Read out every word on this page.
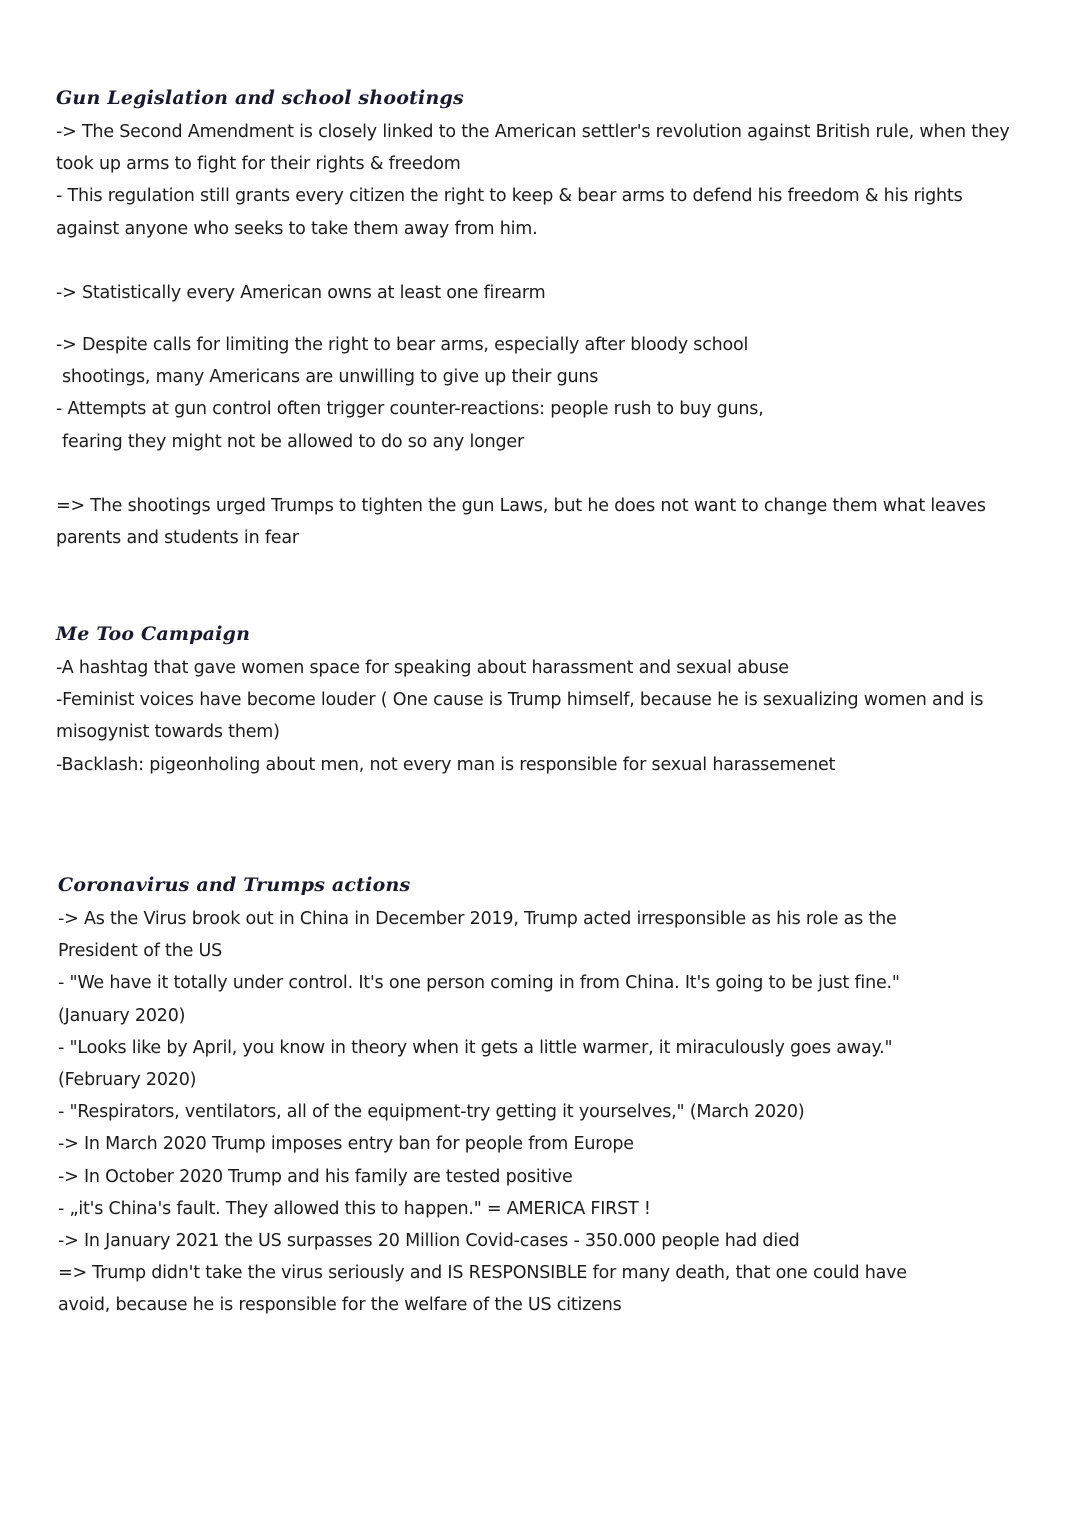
Gun Legislation and school shootings
-> The Second Amendment is closely linked to the American settler's revolution against British rule, when they
took up arms to fight for their rights & freedom
- This regulation still grants every citizen the right to keep & bear arms to defend his freedom & his rights
against anyone who seeks to take them away from him.
-> Statistically every American owns at least one firearm
-> Despite calls for limiting the right to bear arms, especially after bloody school
shootings, many Americans are unwilling to give up their guns
- Attempts at gun control often trigger counter-reactions: people rush to buy guns,
fearing they might not be allowed to do so any longer
=> The shootings urged Trumps to tighten the gun Laws, but he does not want to change them what leaves
parents and students in fear
Me Too Campaign
-A hashtag that gave women space for speaking about harassment and sexual abuse
-Feminist voices have become louder ( One cause is Trump himself, because he is sexualizing women and is
misogynist towards them)
-Backlash: pigeonholing about men, not every man is responsible for sexual harassemenet
Coronavirus and Trumps actions
-> As the Virus brook out in China in December 2019, Trump acted irresponsible as his role as the
President of the US
- "We have it totally under control. It's one person coming in from China. It's going to be just fine."
(January 2020)
- "Looks like by April, you know in theory when it gets a little warmer, it miraculously goes away."
(February 2020)
- "Respirators, ventilators, all of the equipment-try getting it yourselves," (March 2020)
-> In March 2020 Trump imposes entry ban for people from Europe
-> In October 2020 Trump and his family are tested positive
- „it's China's fault. They allowed this to happen." = AMERICA FIRST !
-> In January 2021 the US surpasses 20 Million Covid-cases - 350.000 people had died
=> Trump didn't take the virus seriously and IS RESPONSIBLE for many death, that one could have
avoid, because he is responsible for the welfare of the US citizens
